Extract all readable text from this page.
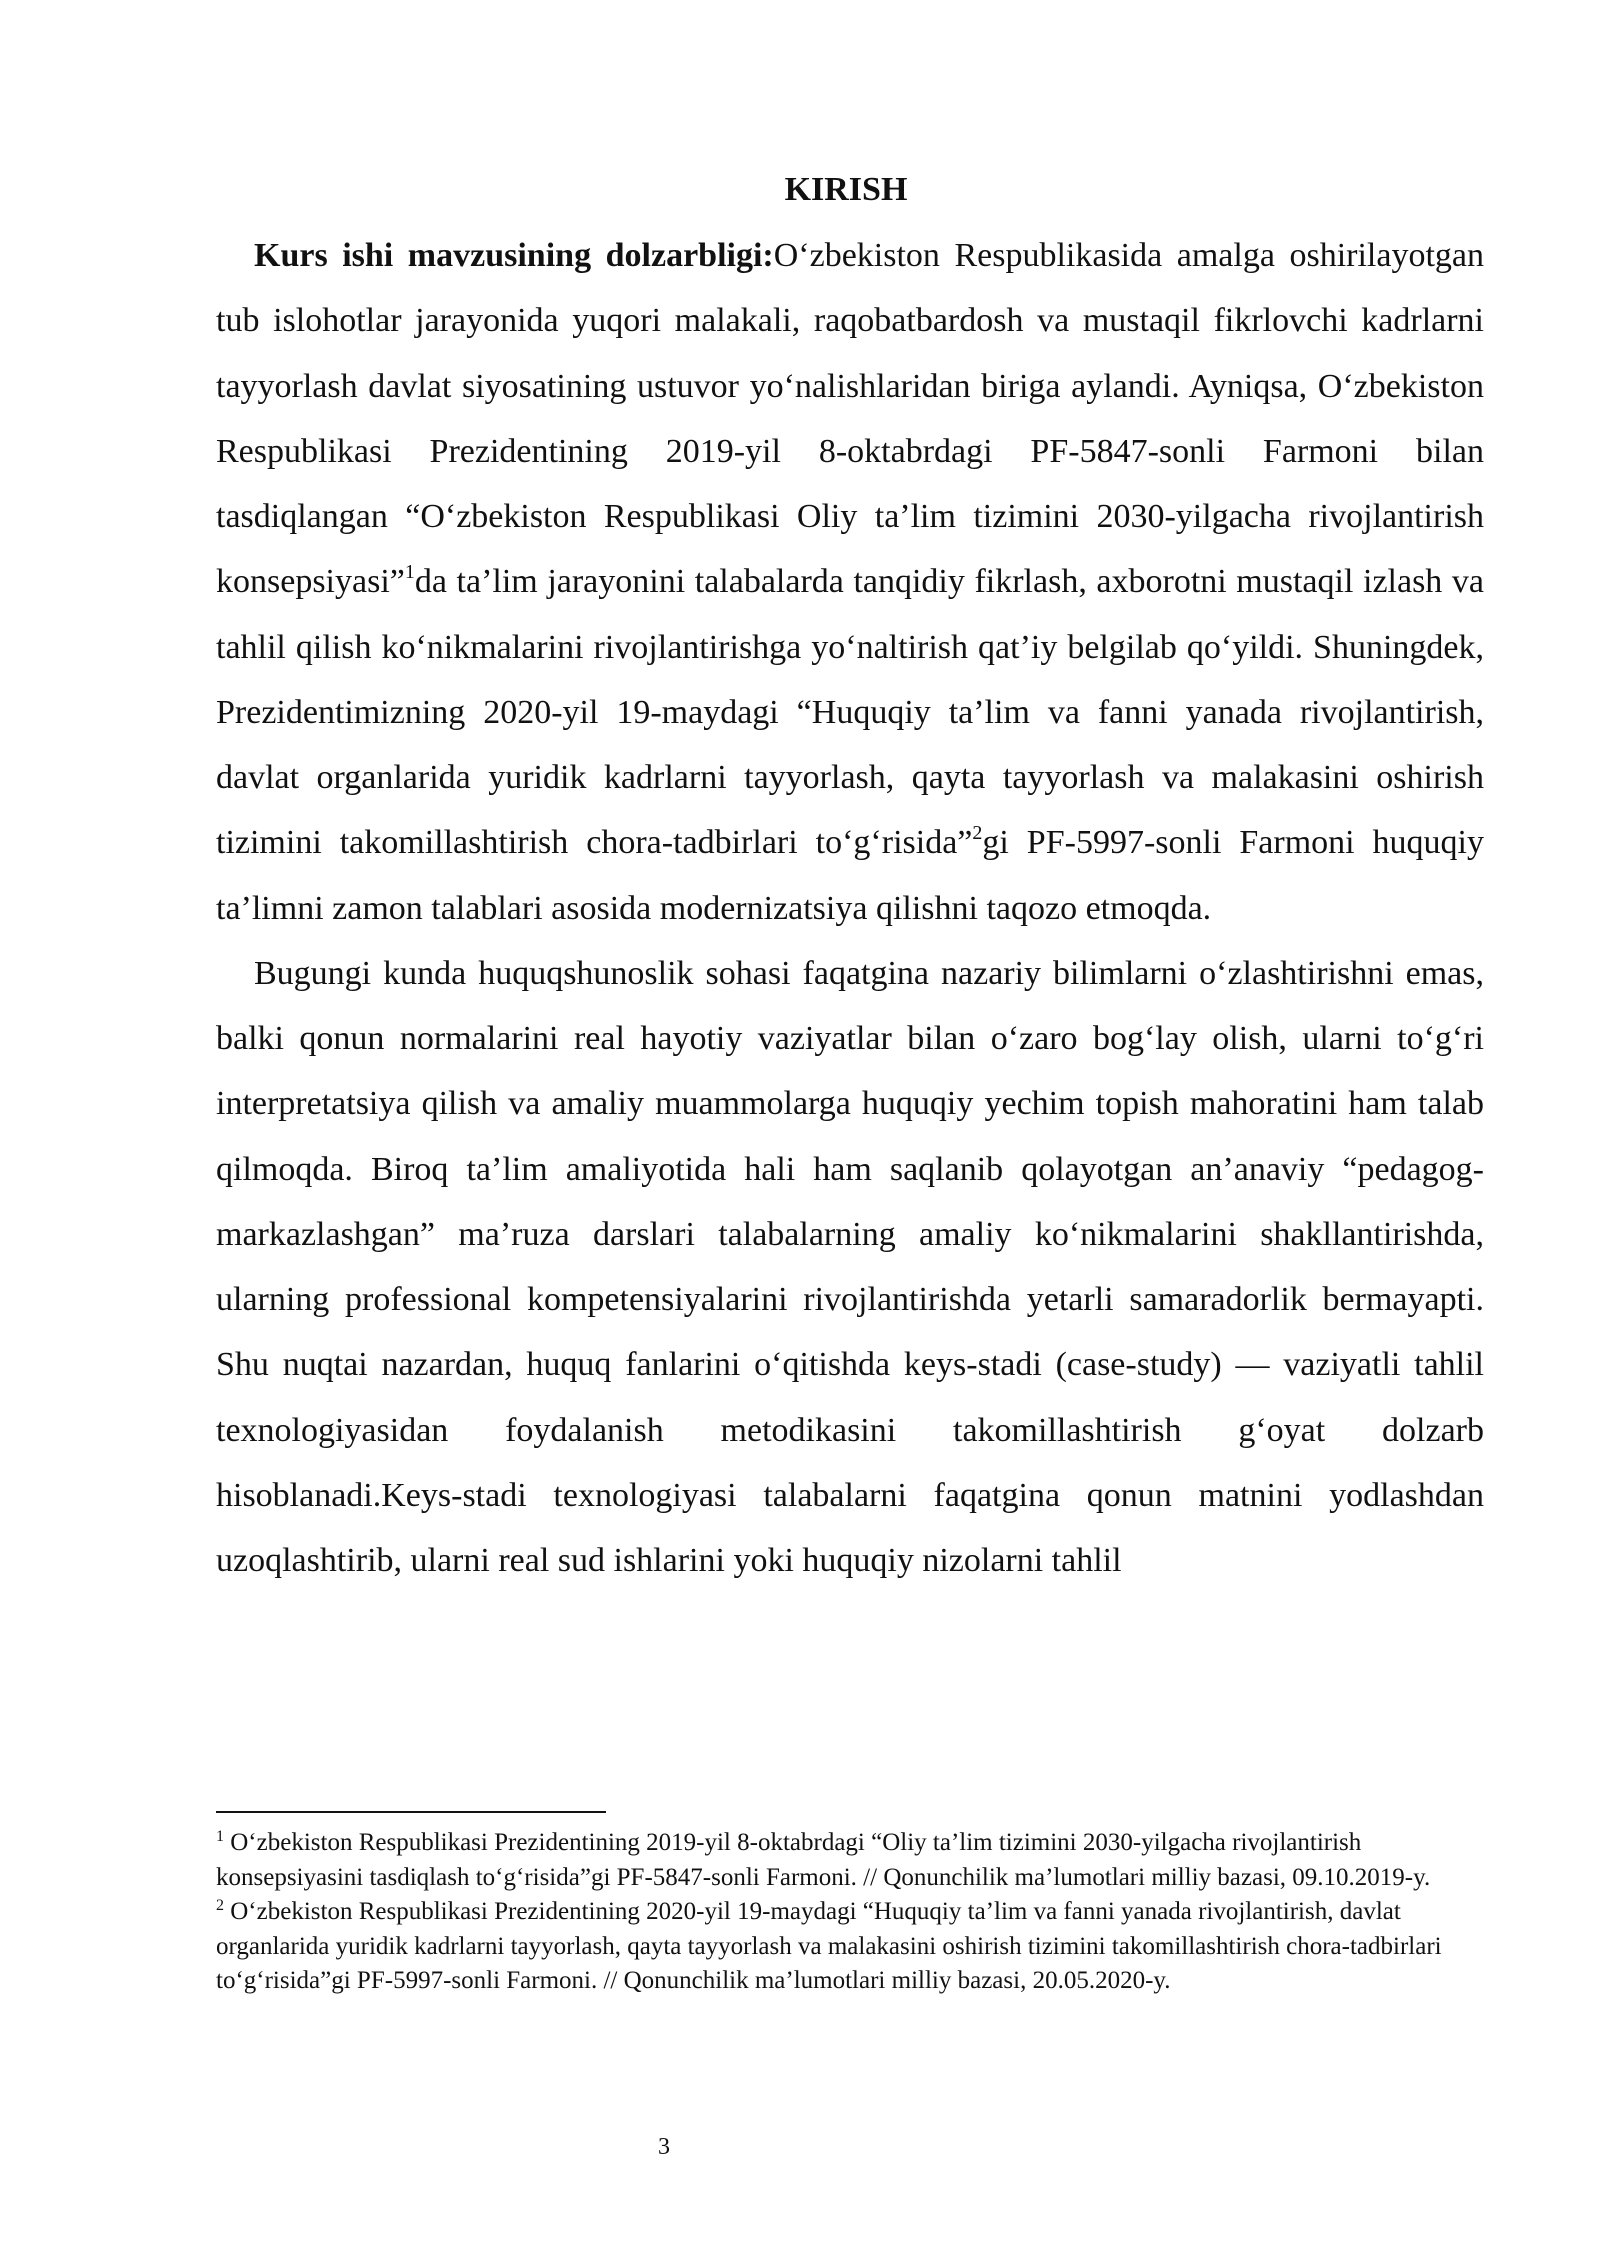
KIRISH

Kurs ishi mavzusining dolzarbligi:O‘zbekiston Respublikasida amalga oshirilayotgan tub islohotlar jarayonida yuqori malakali, raqobatbardosh va mustaqil fikrlovchi kadrlarni tayyorlash davlat siyosatining ustuvor yo‘nalishlaridan biriga aylandi. Ayniqsa, O‘zbekiston Respublikasi Prezidentining 2019-yil 8-oktabrdagi PF-5847-sonli Farmoni bilan tasdiqlangan “O‘zbekiston Respublikasi Oliy ta’lim tizimini 2030-yilgacha rivojlantirish konsepsiyasi”$^1$da ta’lim jarayonini talabalarda tanqidiy fikrlash, axborotni mustaqil izlash va tahlil qilish ko‘nikmalarini rivojlantirishga yo‘naltirish qat’iy belgilab qo‘yildi. Shuningdek, Prezidentimizning 2020-yil 19-maydagi “Huquqiy ta’lim va fanni yanada rivojlantirish, davlat organlarida yuridik kadrlarni tayyorlash, qayta tayyorlash va malakasini oshirish tizimini takomillashtirish chora-tadbirlari to‘g‘risida”$^2$gi PF-5997-sonli Farmoni huquqiy ta’limni zamon talablari asosida modernizatsiya qilishni taqozo etmoqda.

Bugungi kunda huquqshunoslik sohasi faqatgina nazariy bilimlarni o‘zlashtirishni emas, balki qonun normalarini real hayotiy vaziyatlar bilan o‘zaro bog‘lay olish, ularni to‘g‘ri interpretatsiya qilish va amaliy muammolarga huquqiy yechim topish mahoratini ham talab qilmoqda. Biroq ta’lim amaliyotida hali ham saqlanib qolayotgan an’anaviy “pedagog-markazlashgan” ma’ruza darslari talabalarning amaliy ko‘nikmalarini shakllantirishda, ularning professional kompetensiyalarini rivojlantirishda yetarli samaradorlik bermayapti. Shu nuqtai nazardan, huquq fanlarini o‘qitishda keys-stadi (case-study) — vaziyatli tahlil texnologiyasidan foydalanish metodikasini takomillashtirish g‘oyat dolzarb hisoblanadi.Keys-stadi texnologiyasi talabalarni faqatgina qonun matnini yodlashdan uzoqlashtirib, ularni real sud ishlarini yoki huquqiy nizolarni tahlil

$^1$ O‘zbekiston Respublikasi Prezidentining 2019-yil 8-oktabrdagi “Oliy ta’lim tizimini 2030-yilgacha rivojlantirish konsepsiyasini tasdiqlash to‘g‘risida”gi PF-5847-sonli Farmoni. // Qonunchilik ma’lumotlari milliy bazasi, 09.10.2019-y.

$^2$ O‘zbekiston Respublikasi Prezidentining 2020-yil 19-maydagi “Huquqiy ta’lim va fanni yanada rivojlantirish, davlat organlarida yuridik kadrlarni tayyorlash, qayta tayyorlash va malakasini oshirish tizimini takomillashtirish chora-tadbirlari to‘g‘risida”gi PF-5997-sonli Farmoni. // Qonunchilik ma’lumotlari milliy bazasi, 20.05.2020-y.

3
